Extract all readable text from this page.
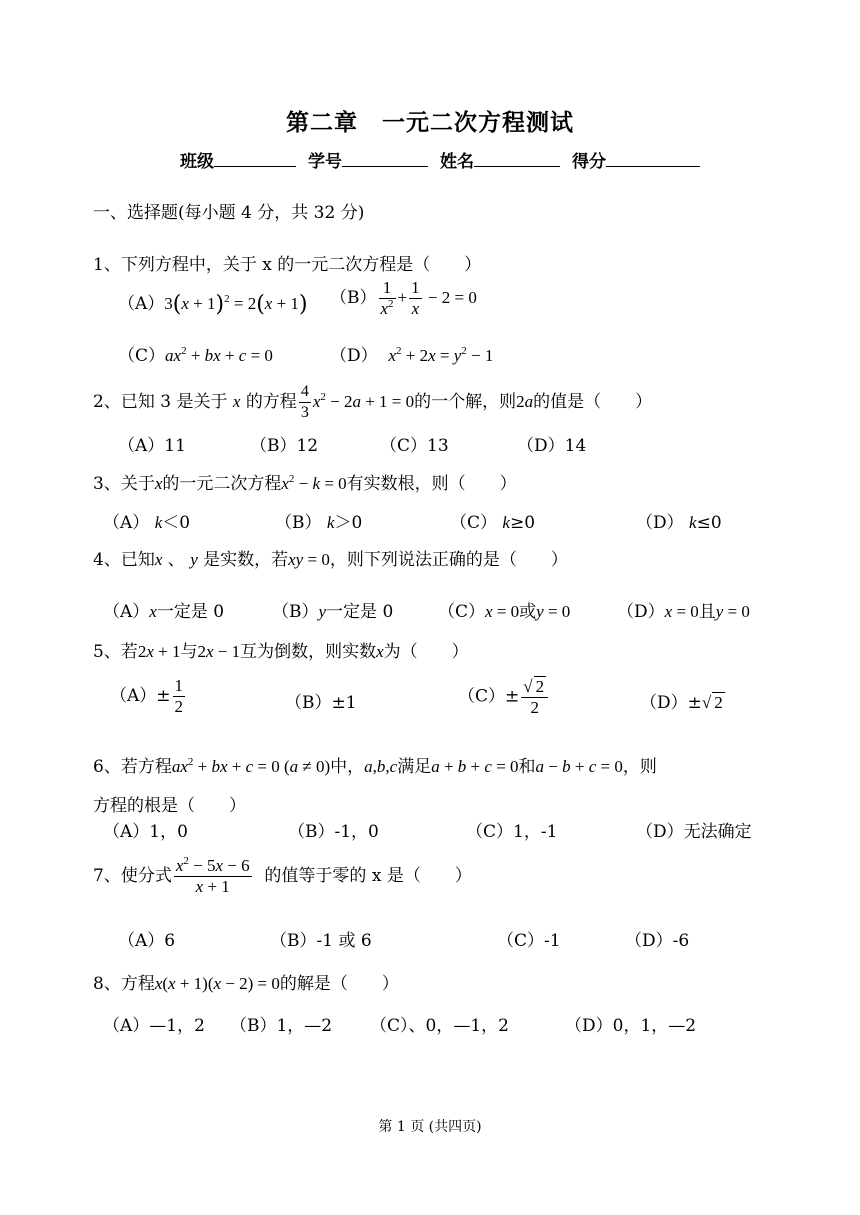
第二章　一元二次方程测试
班级	学号	姓名	得分
一、选择题(每小题 4 分，共 32 分)
1、下列方程中，关于 x 的一元二次方程是（　　）
$(A)3(x + 1)^2 = 2(x + 1)$ $(B) \frac{1}{x^2} + \frac{1}{x} - 2 = 0$
$(C)ax^2$ + bx + c = 0	（D） $x^2 + 2x = y^2 - 1$
2、已知 3 是关于 x 的方程 $\frac{4}{3} x^2 - 2a + 1 = 0$的一个解，则2a的值是（　　）
（A）11	（B）12	（C）13	（D）14
3、关于x的一元二次方程$x^2 - k = 0$有实数根，则（　　）
（A） k＜0	（B） k＞0	（C） k≥0	（D） k≤0
4、已知x 、 y 是实数，若xy = 0，则下列说法正确的是（　　）
（A）x一定是 0	（B）y一定是 0	（C）x = 0或y = 0	（D）x = 0且y = 0
5、若2x + 1与2x − 1互为倒数，则实数x为（　　）
$(A)\pm \frac{1}{2}$	（B）±1	$(C)\pm \frac{√ 2}{2}$	（D）±√ 2
6、若方程$ax^2$ + bx + c = 0 (a ≠ 0)中，a,b,c满足a + b + c = 0和a − b + c = 0，则
方程的根是（　　）
（A）1，0	（B）-1，0	（C）1，-1	（D）无法确定
7、使分式 $\frac{x^2 - 5x - 6}{x + 1}$ 的值等于零的 x 是（　　）
（A）6	（B）-1 或 6	（C）-1	（D）-6
8、方程x(x + 1)(x − 2) = 0的解是（　　）
（A）—1，2 （B）1，—2 （C）、0，—1，2	（D）0，1，—2
第 1 页 (共四页)
